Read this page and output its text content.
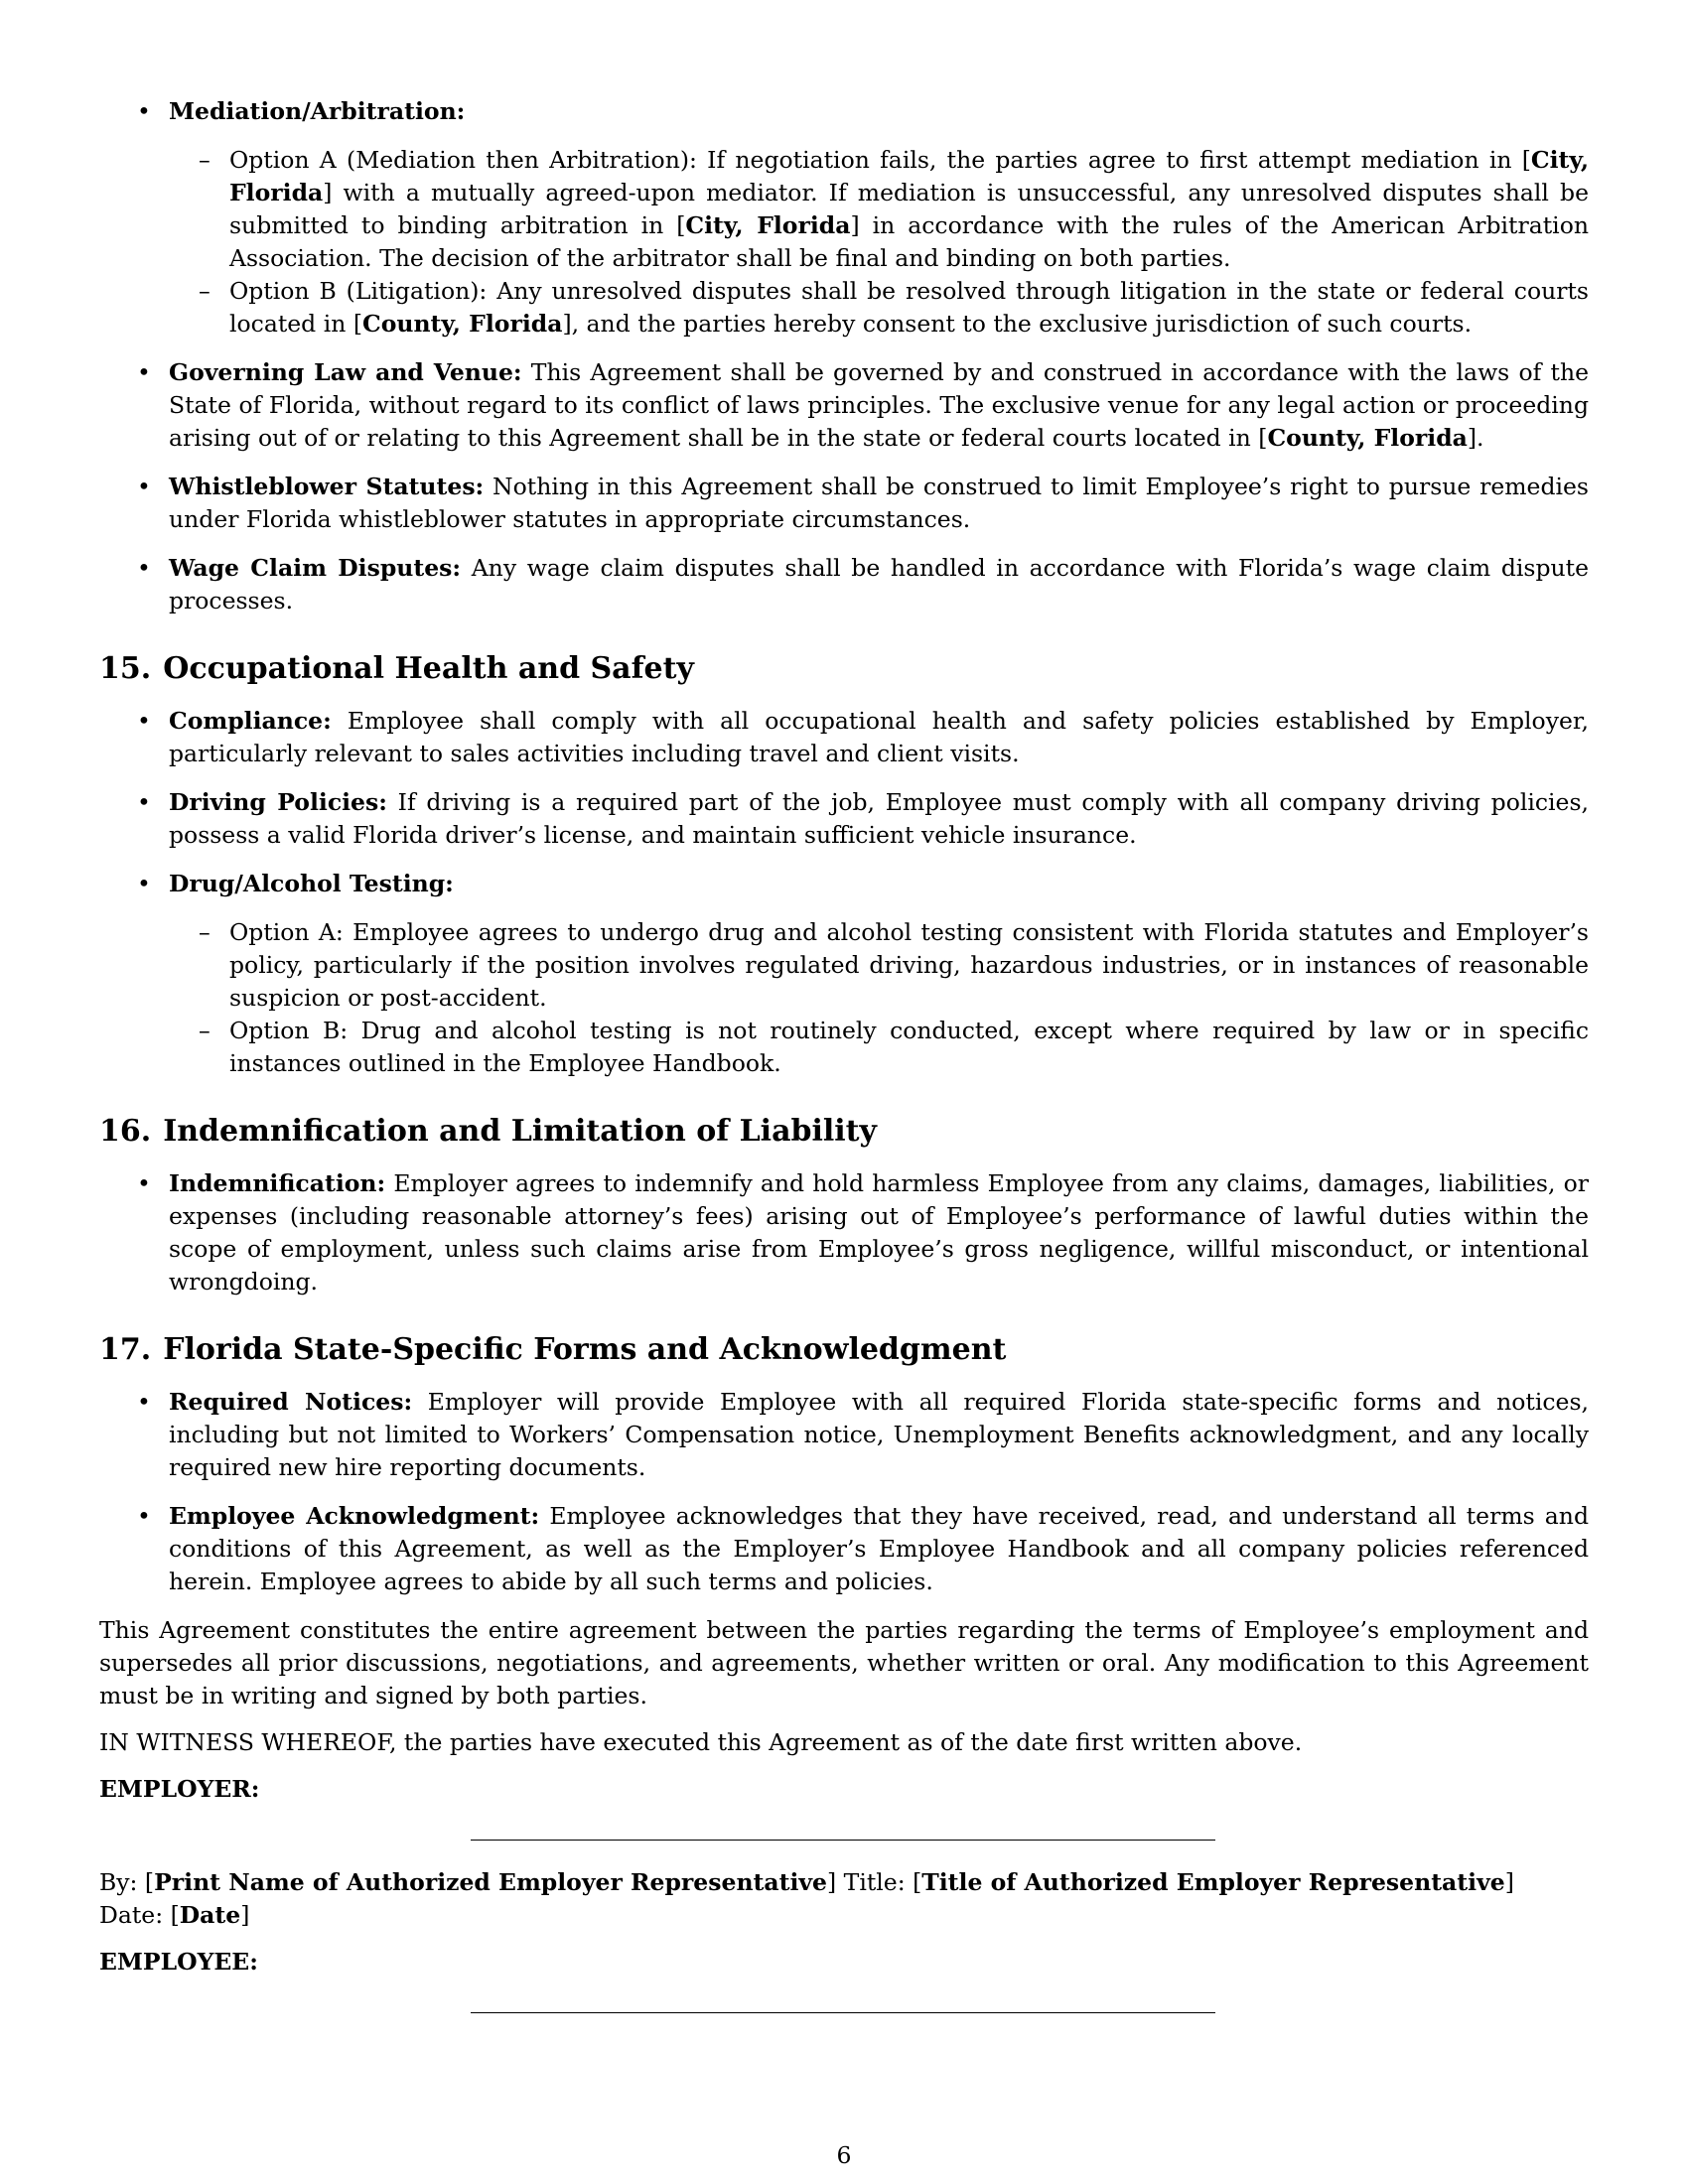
• Mediation/Arbitration:
– Option A (Mediation then Arbitration): If negotiation fails, the parties agree to first attempt mediation in [City, Florida] with a mutually agreed-upon mediator. If mediation is unsuccessful, any unresolved disputes shall be submitted to binding arbitration in [City, Florida] in accordance with the rules of the American Arbitration Association. The decision of the arbitrator shall be final and binding on both parties.
– Option B (Litigation): Any unresolved disputes shall be resolved through litigation in the state or federal courts located in [County, Florida], and the parties hereby consent to the exclusive jurisdiction of such courts.
• Governing Law and Venue: This Agreement shall be governed by and construed in accordance with the laws of the State of Florida, without regard to its conflict of laws principles. The exclusive venue for any legal action or proceeding arising out of or relating to this Agreement shall be in the state or federal courts located in [County, Florida].
• Whistleblower Statutes: Nothing in this Agreement shall be construed to limit Employee’s right to pursue remedies under Florida whistleblower statutes in appropriate circumstances.
• Wage Claim Disputes: Any wage claim disputes shall be handled in accordance with Florida’s wage claim dispute processes.
15. Occupational Health and Safety
• Compliance: Employee shall comply with all occupational health and safety policies established by Employer, particularly relevant to sales activities including travel and client visits.
• Driving Policies: If driving is a required part of the job, Employee must comply with all company driving policies, possess a valid Florida driver’s license, and maintain sufficient vehicle insurance.
• Drug/Alcohol Testing:
– Option A: Employee agrees to undergo drug and alcohol testing consistent with Florida statutes and Employer’s policy, particularly if the position involves regulated driving, hazardous industries, or in instances of reasonable suspicion or post-accident.
– Option B: Drug and alcohol testing is not routinely conducted, except where required by law or in specific instances outlined in the Employee Handbook.
16. Indemnification and Limitation of Liability
• Indemnification: Employer agrees to indemnify and hold harmless Employee from any claims, damages, liabilities, or expenses (including reasonable attorney’s fees) arising out of Employee’s performance of lawful duties within the scope of employment, unless such claims arise from Employee’s gross negligence, willful misconduct, or intentional wrongdoing.
17. Florida State-Specific Forms and Acknowledgment
• Required Notices: Employer will provide Employee with all required Florida state-specific forms and notices, including but not limited to Workers’ Compensation notice, Unemployment Benefits acknowledgment, and any locally required new hire reporting documents.
• Employee Acknowledgment: Employee acknowledges that they have received, read, and understand all terms and conditions of this Agreement, as well as the Employer’s Employee Handbook and all company policies referenced herein. Employee agrees to abide by all such terms and policies.

This Agreement constitutes the entire agreement between the parties regarding the terms of Employee’s employment and supersedes all prior discussions, negotiations, and agreements, whether written or oral. Any modification to this Agreement must be in writing and signed by both parties.

IN WITNESS WHEREOF, the parties have executed this Agreement as of the date first written above.

EMPLOYER:
By: [Print Name of Authorized Employer Representative] Title: [Title of Authorized Employer Representative]
Date: [Date]
EMPLOYEE:
6
